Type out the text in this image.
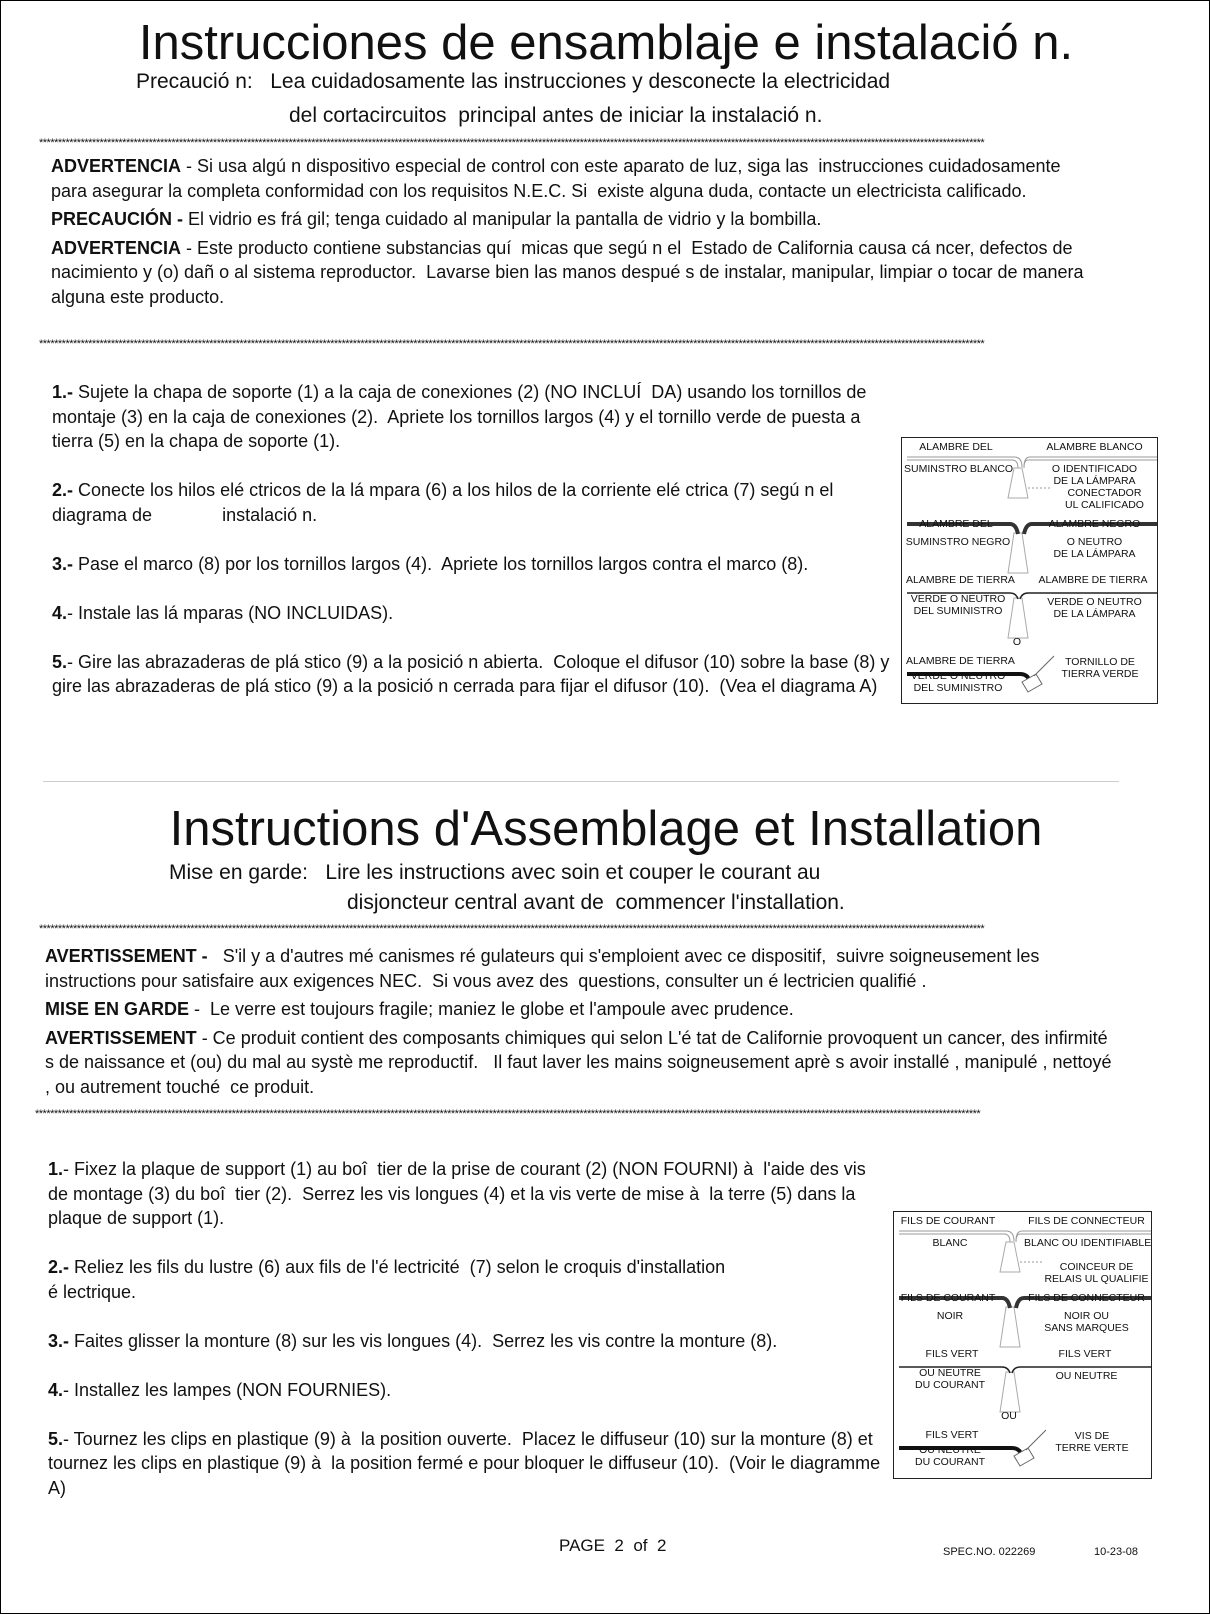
Instrucciones de ensamblaje e instalació n.
Precaució n:   Lea cuidadosamente las instrucciones y desconecte la electricidad
del cortacircuitos  principal antes de iniciar la instalació n.
**********************************************************************************************************************************************************************************************************************************************************
ADVERTENCIA - Si usa algú n dispositivo especial de control con este aparato de luz, siga las  instrucciones cuidadosamente para asegurar la completa conformidad con los requisitos N.E.C. Si  existe alguna duda, contacte un electricista calificado.
PRECAUCIÓN - El vidrio es frá gil; tenga cuidado al manipular la pantalla de vidrio y la bombilla.
ADVERTENCIA - Este producto contiene substancias quí  micas que segú n el  Estado de California causa cá ncer, defectos de nacimiento y (o) dañ o al sistema reproductor.  Lavarse bien las manos despué s de instalar, manipular, limpiar o tocar de manera alguna este producto.
**********************************************************************************************************************************************************************************************************************************************************
1.- Sujete la chapa de soporte (1) a la caja de conexiones (2) (NO INCLUÍ  DA) usando los tornillos de montaje (3) en la caja de conexiones (2).  Apriete los tornillos largos (4) y el tornillo verde de puesta a tierra (5) en la chapa de soporte (1).
2.- Conecte los hilos elé ctricos de la lá mpara (6) a los hilos de la corriente elé ctrica (7) segú n el diagrama de              instalació n.
3.- Pase el marco (8) por los tornillos largos (4).  Apriete los tornillos largos contra el marco (8).
4.- Instale las lá mparas (NO INCLUIDAS).
5.- Gire las abrazaderas de plá stico (9) a la posició n abierta.  Coloque el difusor (10) sobre la base (8) y gire las abrazaderas de plá stico (9) a la posició n cerrada para fijar el difusor (10).  (Vea el diagrama A)
ALAMBRE DEL	ALAMBRE BLANCO
SUMINSTRO BLANCO	O IDENTIFICADO
DE LA LÁMPARA
CONECTADOR
UL CALIFICADO
ALAMBRE DEL	ALAMBRE NEGRO
SUMINSTRO NEGRO	O NEUTRO
DE LA LÁMPARA
ALAMBRE DE TIERRA	ALAMBRE DE TIERRA
VERDE O NEUTRO
DEL SUMINISTRO
VERDE O NEUTRO
DE LA LÁMPARA
O
ALAMBRE DE TIERRA
VERDE O NEUTRO
DEL SUMINISTRO
TORNILLO DE
TIERRA VERDE
Instructions d'Assemblage et Installation
Mise en garde:   Lire les instructions avec soin et couper le courant au
disjoncteur central avant de  commencer l'installation.
**********************************************************************************************************************************************************************************************************************************************************
AVERTISSEMENT -   S'il y a d'autres mé canismes ré gulateurs qui s'emploient avec ce dispositif,  suivre soigneusement les instructions pour satisfaire aux exigences NEC.  Si vous avez des  questions, consulter un é lectricien qualifié .
MISE EN GARDE -  Le verre est toujours fragile; maniez le globe et l'ampoule avec prudence.
AVERTISSEMENT - Ce produit contient des composants chimiques qui selon L'é tat de Californie provoquent un cancer, des infirmité s de naissance et (ou) du mal au systè me reproductif.   Il faut laver les mains soigneusement aprè s avoir installé , manipulé , nettoyé , ou autrement touché  ce produit.
**********************************************************************************************************************************************************************************************************************************************************
1.- Fixez la plaque de support (1) au boî  tier de la prise de courant (2) (NON FOURNI) à  l'aide des vis de montage (3) du boî  tier (2).  Serrez les vis longues (4) et la vis verte de mise à  la terre (5) dans la plaque de support (1).
2.- Reliez les fils du lustre (6) aux fils de l'é lectricité  (7) selon le croquis d'installation
é lectrique.
3.- Faites glisser la monture (8) sur les vis longues (4).  Serrez les vis contre la monture (8).
4.- Installez les lampes (NON FOURNIES).
5.- Tournez les clips en plastique (9) à  la position ouverte.  Placez le diffuseur (10) sur la monture (8) et tournez les clips en plastique (9) à  la position fermé e pour bloquer le diffuseur (10).  (Voir le diagramme A)
FILS DE COURANT	FILS DE CONNECTEUR
BLANC	BLANC OU IDENTIFIABLE
COINCEUR DE
RELAIS UL QUALIFIE
FILS DE COURANT	FILS DE CONNECTEUR
NOIR	NOIR OU
SANS MARQUES
FILS VERT	FILS VERT
OU NEUTRE
DU COURANT
OU NEUTRE
OU
FILS VERT
OU NEUTRE
DU COURANT
VIS DE
TERRE VERTE
PAGE  2  of  2	SPEC.NO. 022269	10-23-08
